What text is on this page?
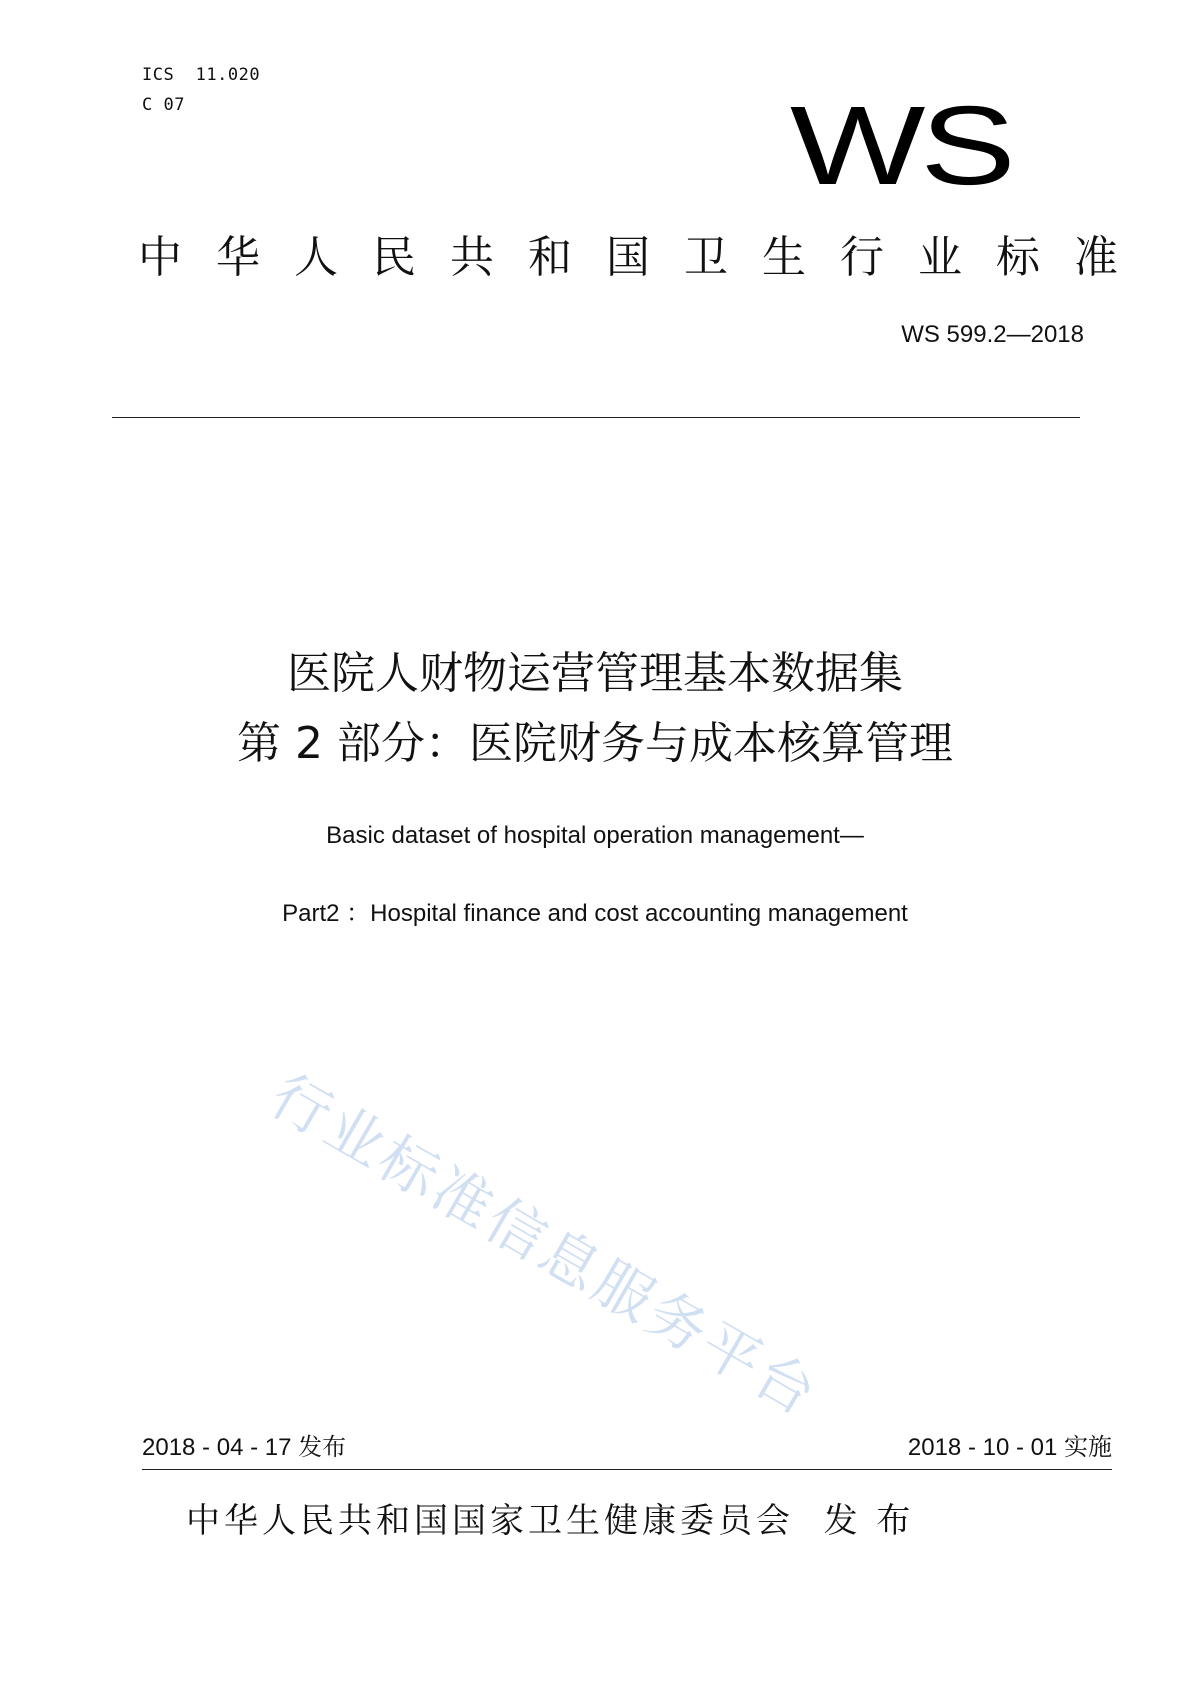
ICS  11.020
C 07	WS
中 华 人 民 共 和 国 卫 生 行 业 标 准
WS 599.2—2018
医院人财物运营管理基本数据集
第 2 部分：医院财务与成本核算管理
Basic dataset of hospital operation management—
Part2 ：Hospital finance and cost accounting management
行业标准信息服务平台
2018 - 04 - 17 发布	2018 - 10 - 01 实施
中华人民共和国国家卫生健康委员会  发 布
